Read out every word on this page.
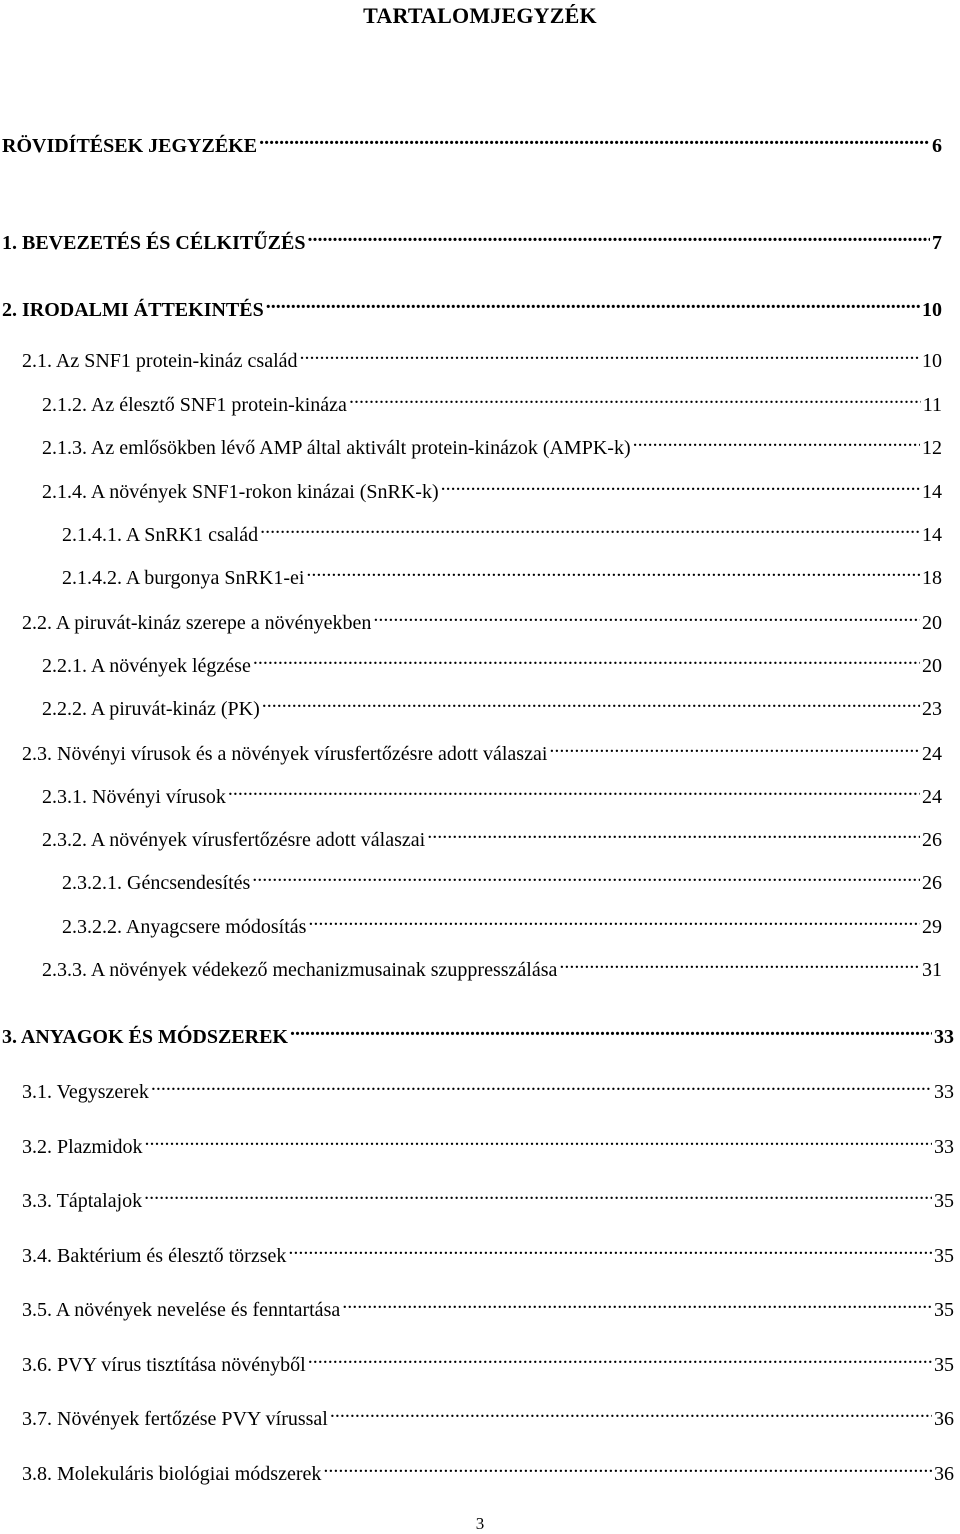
TARTALOMJEGYZÉK
RÖVIDÍTÉSEK JEGYZÉKE .....	6
1. BEVEZETÉS ÉS CÉLKITŰZÉS .....	7
2. IRODALMI ÁTTEKINTÉS .....	10
2.1. Az SNF1 protein-kináz család .....	10
2.1.2. Az élesztő SNF1 protein-kináza .....	11
2.1.3. Az emlősökben lévő AMP által aktivált protein-kinázok (AMPK-k) .....	12
2.1.4. A növények SNF1-rokon kinázai (SnRK-k) .....	14
2.1.4.1. A SnRK1 család .....	14
2.1.4.2. A burgonya SnRK1-ei .....	18
2.2. A piruvát-kináz szerepe a növényekben .....	20
2.2.1. A növények légzése .....	20
2.2.2. A piruvát-kináz (PK) .....	23
2.3. Növényi vírusok és a növények vírusfertőzésre adott válaszai .....	24
2.3.1. Növényi vírusok .....	24
2.3.2. A növények vírusfertőzésre adott válaszai .....	26
2.3.2.1. Géncsendesítés .....	26
2.3.2.2. Anyagcsere módosítás .....	29
2.3.3. A növények védekező mechanizmusainak szuppresszálása .....	31
3. ANYAGOK ÉS MÓDSZEREK .....	33
3.1. Vegyszerek .....	33
3.2. Plazmidok .....	33
3.3. Táptalajok .....	35
3.4. Baktérium és élesztő törzsek .....	35
3.5. A növények nevelése és fenntartása .....	35
3.6. PVY vírus tisztítása növényből .....	35
3.7. Növények fertőzése PVY vírussal .....	36
3.8. Molekuláris biológiai módszerek .....	36
3
